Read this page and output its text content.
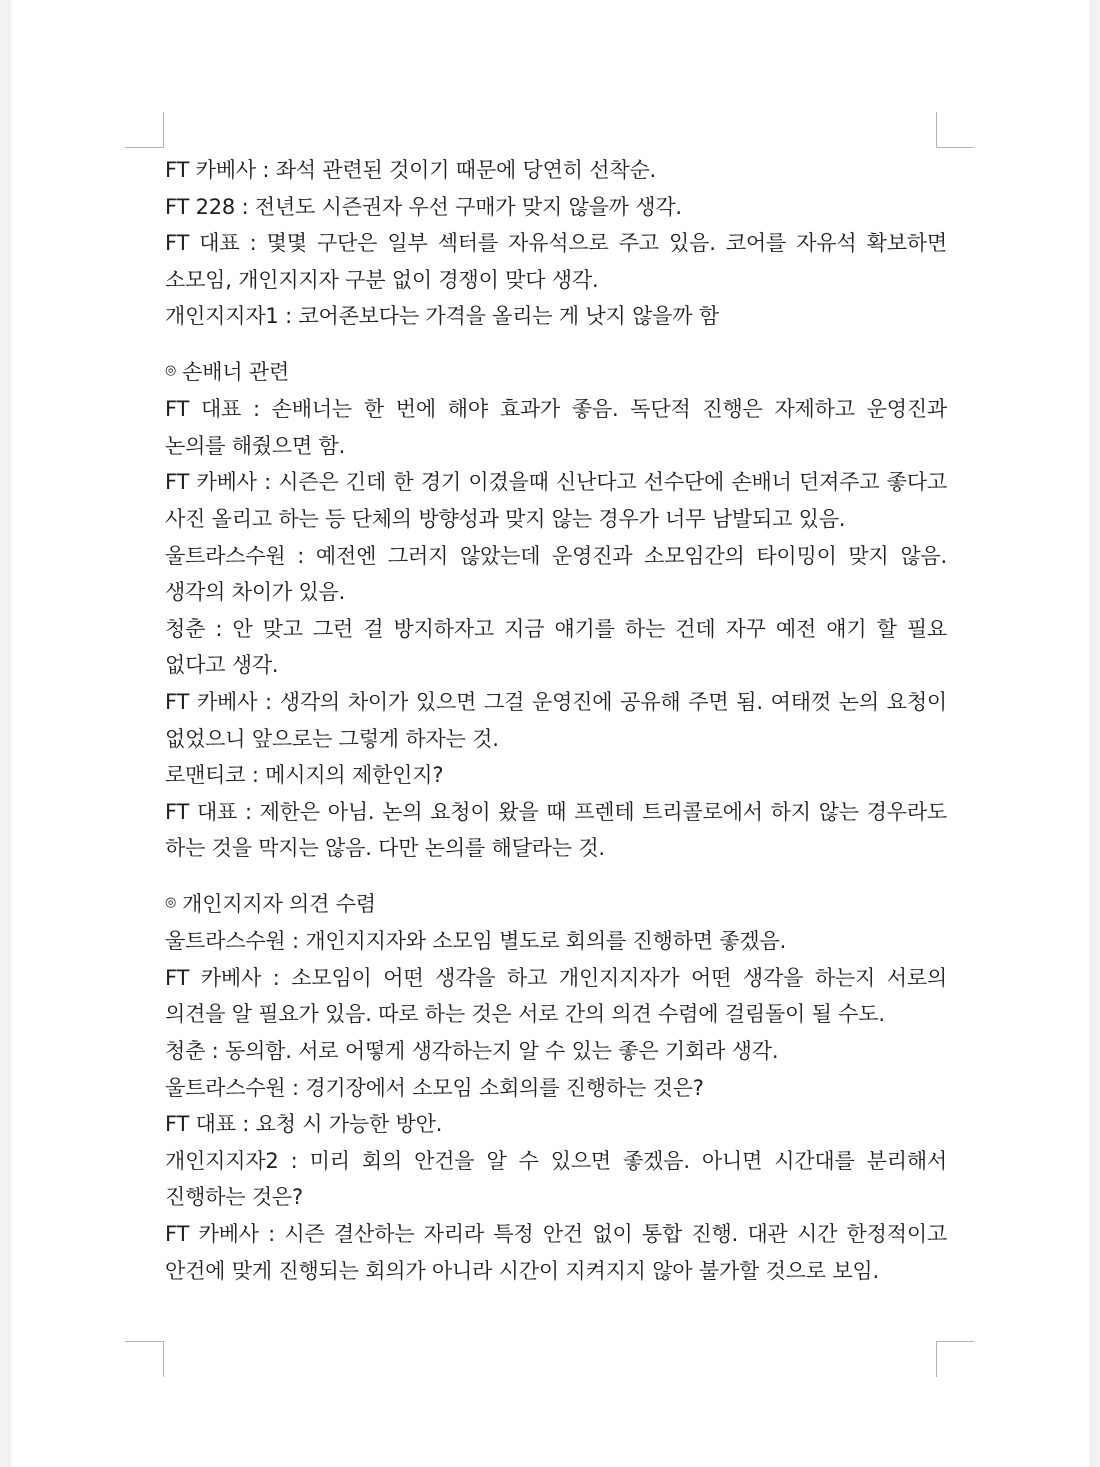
FT 카베사 : 좌석 관련된 것이기 때문에 당연히 선착순.

FT 228 : 전년도 시즌권자 우선 구매가 맞지 않을까 생각.

FT 대표 : 몇몇 구단은 일부 섹터를 자유석으로 주고 있음. 코어를 자유석 확보하면 소모임, 개인지지자 구분 없이 경쟁이 맞다 생각.

개인지지자1 : 코어존보다는 가격을 올리는 게 낫지 않을까 함

◎ 손배너 관련

FT 대표 : 손배너는 한 번에 해야 효과가 좋음. 독단적 진행은 자제하고 운영진과 논의를 해줬으면 함.

FT 카베사 : 시즌은 긴데 한 경기 이겼을때 신난다고 선수단에 손배너 던져주고 좋다고 사진 올리고 하는 등 단체의 방향성과 맞지 않는 경우가 너무 남발되고 있음.

울트라스수원 : 예전엔 그러지 않았는데 운영진과 소모임간의 타이밍이 맞지 않음. 생각의 차이가 있음.

청춘 : 안 맞고 그런 걸 방지하자고 지금 얘기를 하는 건데 자꾸 예전 얘기 할 필요 없다고 생각.

FT 카베사 : 생각의 차이가 있으면 그걸 운영진에 공유해 주면 됨. 여태껏 논의 요청이 없었으니 앞으로는 그렇게 하자는 것.

로맨티코 : 메시지의 제한인지?

FT 대표 : 제한은 아님. 논의 요청이 왔을 때 프렌테 트리콜로에서 하지 않는 경우라도 하는 것을 막지는 않음. 다만 논의를 해달라는 것.

◎ 개인지지자 의견 수렴

울트라스수원 : 개인지지자와 소모임 별도로 회의를 진행하면 좋겠음.

FT 카베사 : 소모임이 어떤 생각을 하고 개인지지자가 어떤 생각을 하는지 서로의 의견을 알 필요가 있음. 따로 하는 것은 서로 간의 의견 수렴에 걸림돌이 될 수도.

청춘 : 동의함. 서로 어떻게 생각하는지 알 수 있는 좋은 기회라 생각.

울트라스수원 : 경기장에서 소모임 소회의를 진행하는 것은?

FT 대표 : 요청 시 가능한 방안.

개인지지자2 : 미리 회의 안건을 알 수 있으면 좋겠음. 아니면 시간대를 분리해서 진행하는 것은?

FT 카베사 : 시즌 결산하는 자리라 특정 안건 없이 통합 진행. 대관 시간 한정적이고 안건에 맞게 진행되는 회의가 아니라 시간이 지켜지지 않아 불가할 것으로 보임.
